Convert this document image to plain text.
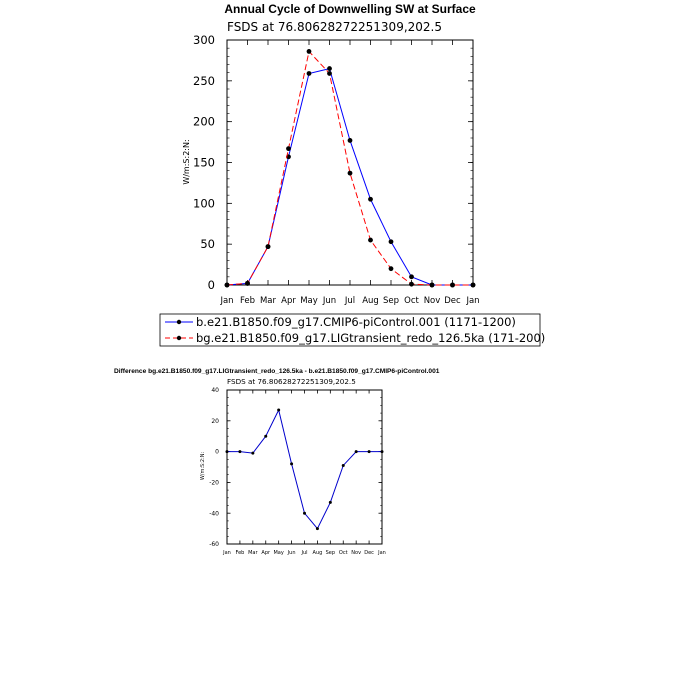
Annual Cycle of Downwelling SW at Surface
FSDS at 76.80628272251309,202.5
W/m:S:2:N:
0
50
100
150
200
250
300
Jan Feb Mar Apr May Jun Jul Aug Sep Oct Nov Dec Jan
b.e21.B1850.f09_g17.CMIP6-piControl.001 (1171-1200)
bg.e21.B1850.f09_g17.LIGtransient_redo_126.5ka (171-200)
Difference bg.e21.B1850.f09_g17.LIGtransient_redo_126.5ka - b.e21.B1850.f09_g17.CMIP6-piControl.001
FSDS at 76.80628272251309,202.5
W/m:S:2:N:
-60
-40
-20
0
20
40
Jan Feb Mar Apr May Jun Jul Aug Sep Oct Nov Dec Jan
